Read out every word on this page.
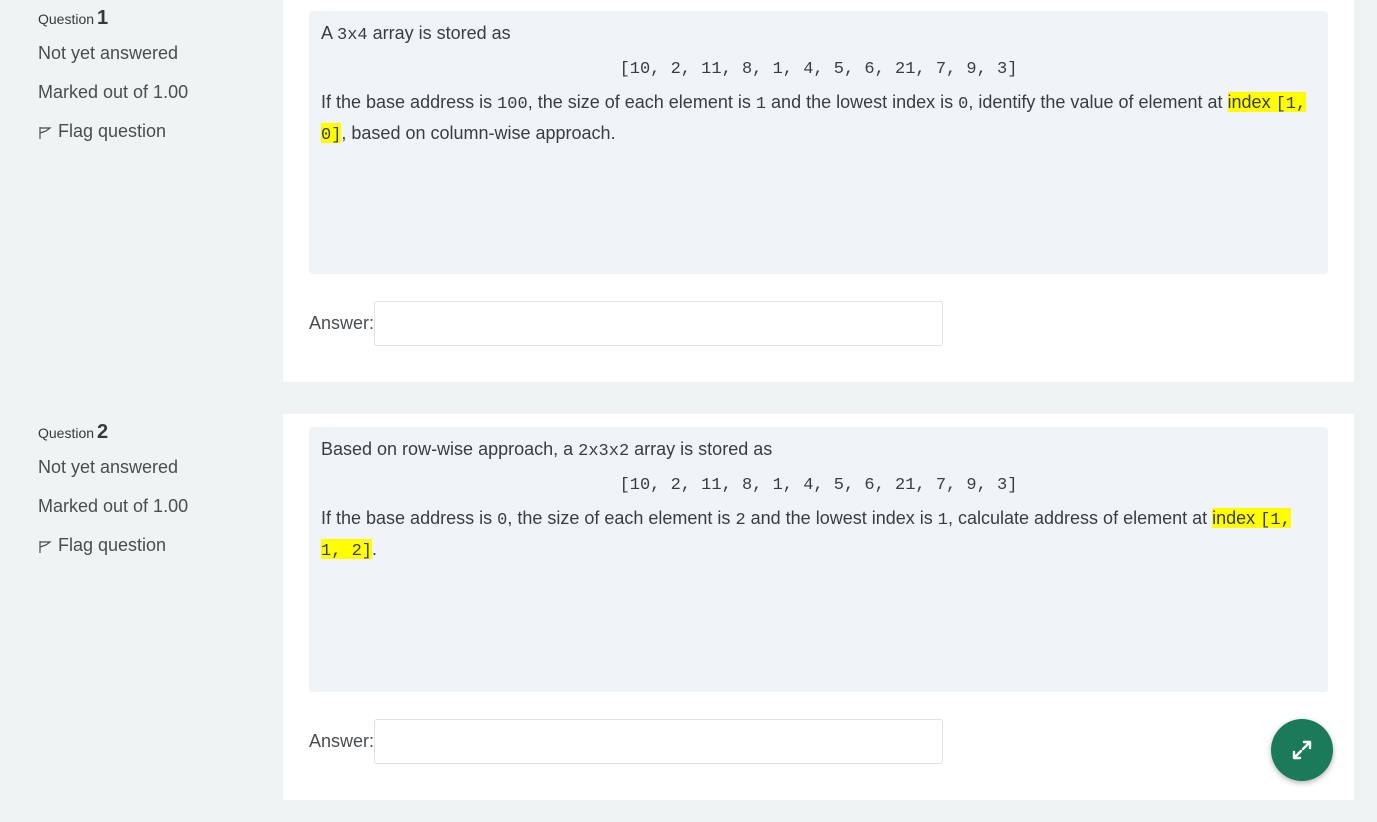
Question 1
Not yet answered
Marked out of 1.00
Flag question
A 3x4 array is stored as
[10, 2, 11, 8, 1, 4, 5, 6, 21, 7, 9, 3]
If the base address is 100, the size of each element is 1 and the lowest index is 0, identify the value of element at index [1, 0], based on column-wise approach.
Answer:
Question 2
Not yet answered
Marked out of 1.00
Flag question
Based on row-wise approach, a 2x3x2 array is stored as
[10, 2, 11, 8, 1, 4, 5, 6, 21, 7, 9, 3]
If the base address is 0, the size of each element is 2 and the lowest index is 1, calculate address of element at index [1, 1, 2].
Answer:
